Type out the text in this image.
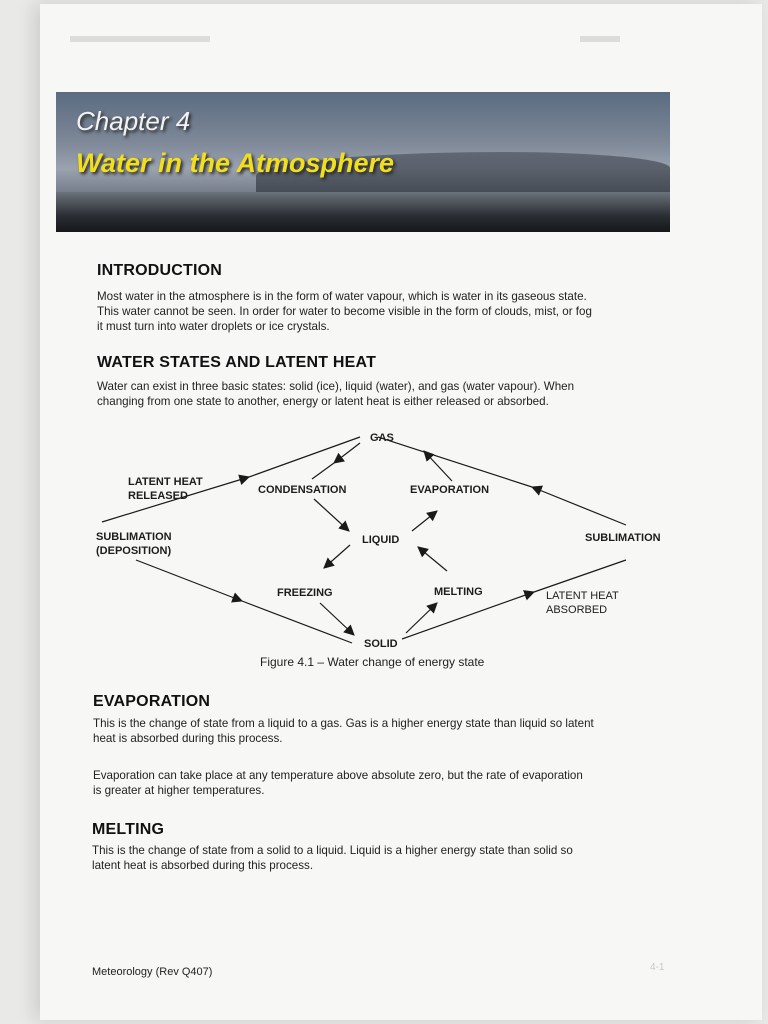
Chapter 4
Water in the Atmosphere
INTRODUCTION

Most water in the atmosphere is in the form of water vapour, which is water in its gaseous state.

This water cannot be seen. In order for water to become visible in the form of clouds, mist, or fog

it must turn into water droplets or ice crystals.

WATER STATES AND LATENT HEAT

Water can exist in three basic states: solid (ice), liquid (water), and gas (water vapour). When

changing from one state to another, energy or latent heat is either released or absorbed.

GAS
LIQUID
SOLID
CONDENSATION	EVAPORATION
FREEZING	MELTING
LATENT HEAT
RELEASED
SUBLIMATION
(DEPOSITION)
SUBLIMATION
LATENT HEAT
ABSORBED
Figure 4.1 – Water change of energy state
EVAPORATION

This is the change of state from a liquid to a gas. Gas is a higher energy state than liquid so latent

heat is absorbed during this process.

Evaporation can take place at any temperature above absolute zero, but the rate of evaporation

is greater at higher temperatures.

MELTING

This is the change of state from a solid to a liquid. Liquid is a higher energy state than solid so

latent heat is absorbed during this process.

Meteorology (Rev Q407)	4-1
